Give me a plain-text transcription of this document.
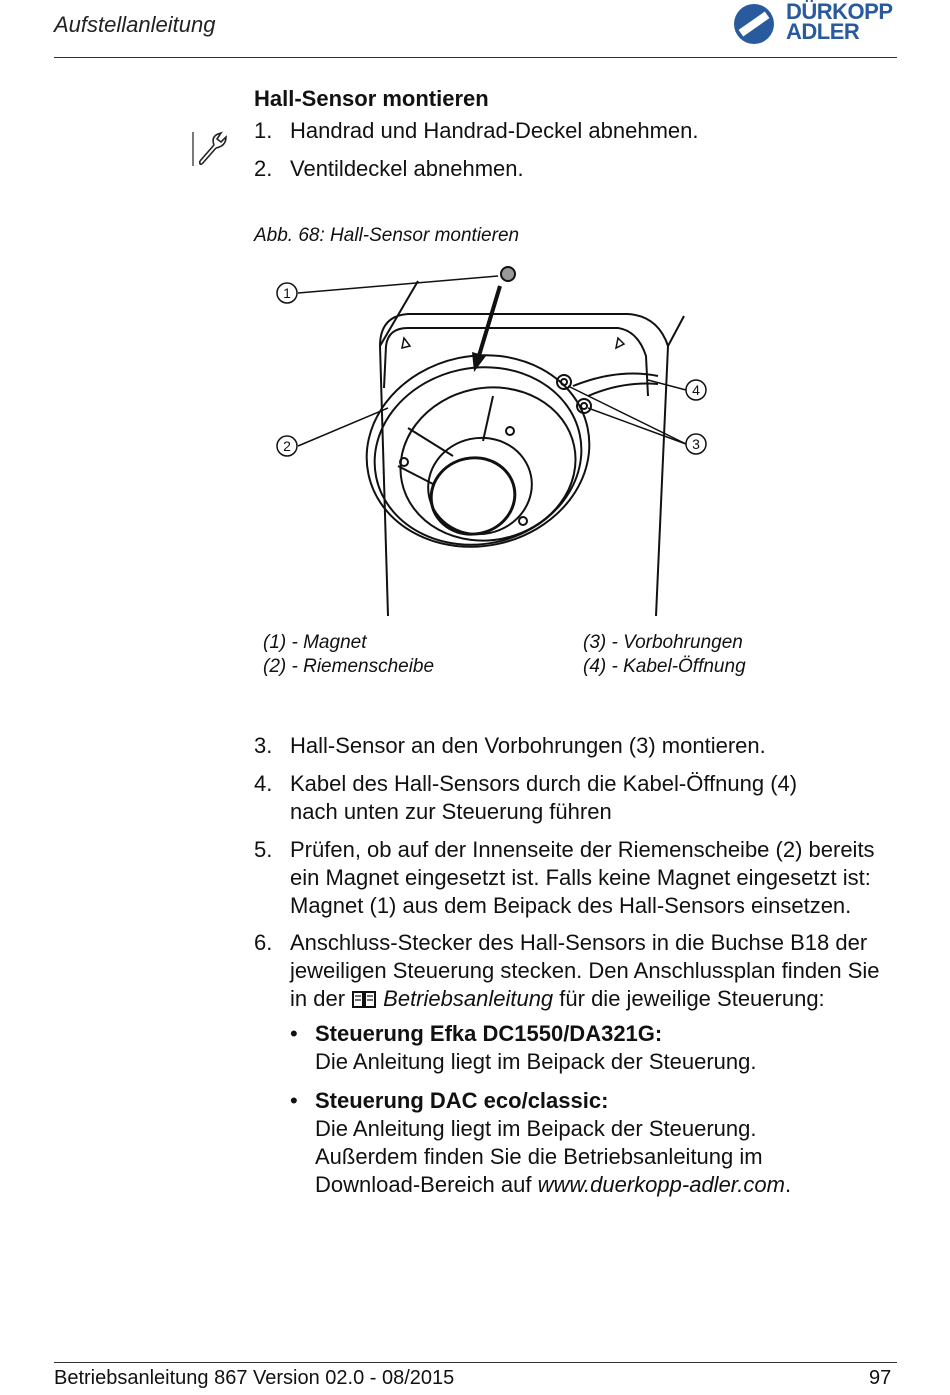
Aufstellanleitung
DÜRKOPP
ADLER
Hall-Sensor montieren
1. Handrad und Handrad-Deckel abnehmen.
2. Ventildeckel abnehmen.
Abb. 68: Hall-Sensor montieren
1
2	3
4
(1) - Magnet
(2) - Riemenscheibe
(3) - Vorbohrungen
(4) - Kabel-Öffnung
3. Hall-Sensor an den Vorbohrungen (3) montieren.
4. Kabel des Hall-Sensors durch die Kabel-Öffnung (4)
nach unten zur Steuerung führen
5. Prüfen, ob auf der Innenseite der Riemenscheibe (2) bereits
ein Magnet eingesetzt ist. Falls keine Magnet eingesetzt ist:
Magnet (1) aus dem Beipack des Hall-Sensors einsetzen.
6. Anschluss-Stecker des Hall-Sensors in die Buchse B18 der
jeweiligen Steuerung stecken. Den Anschlussplan finden Sie
in der Betriebsanleitung für die jeweilige Steuerung:
• Steuerung Efka DC1550/DA321G:
Die Anleitung liegt im Beipack der Steuerung.
• Steuerung DAC eco/classic:
Die Anleitung liegt im Beipack der Steuerung.
Außerdem finden Sie die Betriebsanleitung im
Download-Bereich auf www.duerkopp-adler.com.
Betriebsanleitung 867 Version 02.0 - 08/2015	97
